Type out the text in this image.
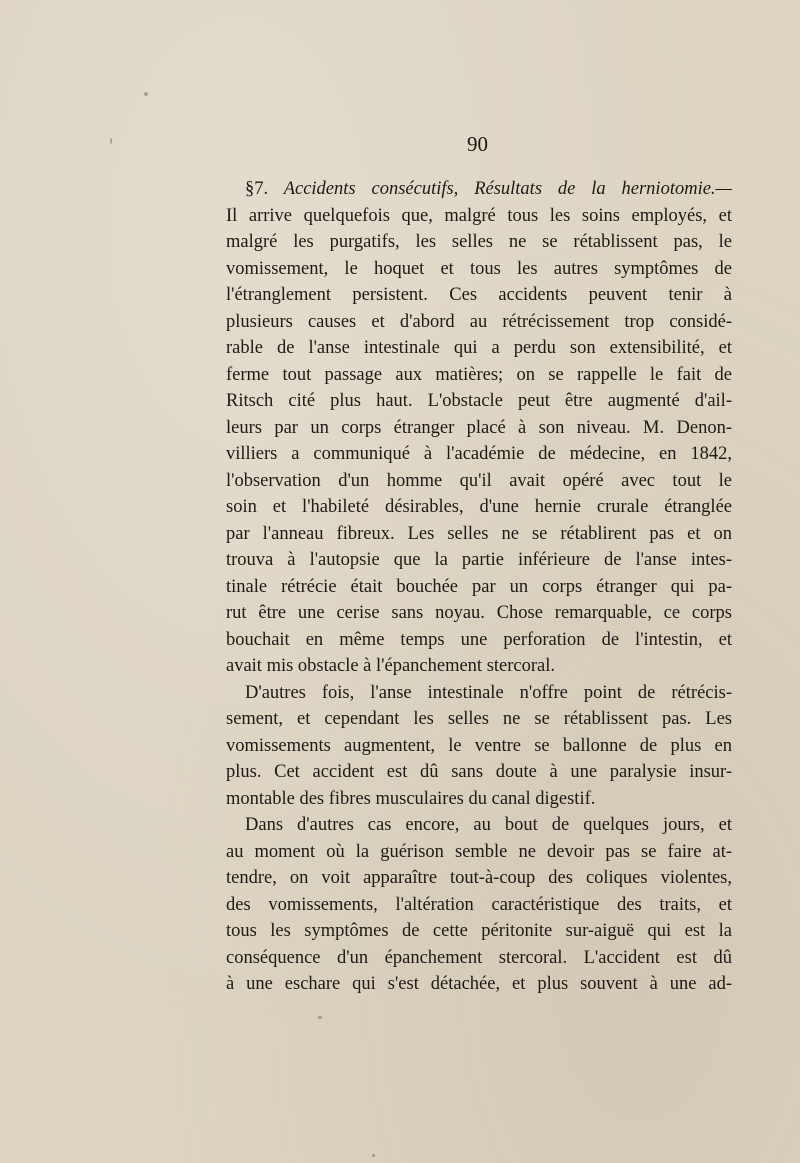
90
§7. Accidents consécutifs, Résultats de la herniotomie.—
Il arrive quelquefois que, malgré tous les soins employés, et
malgré les purgatifs, les selles ne se rétablissent pas, le
vomissement, le hoquet et tous les autres symptômes de
l'étranglement persistent. Ces accidents peuvent tenir à
plusieurs causes et d'abord au rétrécissement trop considé-
rable de l'anse intestinale qui a perdu son extensibilité, et
ferme tout passage aux matières; on se rappelle le fait de
Ritsch cité plus haut. L'obstacle peut être augmenté d'ail-
leurs par un corps étranger placé à son niveau. M. Denon-
villiers a communiqué à l'académie de médecine, en 1842,
l'observation d'un homme qu'il avait opéré avec tout le
soin et l'habileté désirables, d'une hernie crurale étranglée
par l'anneau fibreux. Les selles ne se rétablirent pas et on
trouva à l'autopsie que la partie inférieure de l'anse intes-
tinale rétrécie était bouchée par un corps étranger qui pa-
rut être une cerise sans noyau. Chose remarquable, ce corps
bouchait en même temps une perforation de l'intestin, et
avait mis obstacle à l'épanchement stercoral.
D'autres fois, l'anse intestinale n'offre point de rétrécis-
sement, et cependant les selles ne se rétablissent pas. Les
vomissements augmentent, le ventre se ballonne de plus en
plus. Cet accident est dû sans doute à une paralysie insur-
montable des fibres musculaires du canal digestif.
Dans d'autres cas encore, au bout de quelques jours, et
au moment où la guérison semble ne devoir pas se faire at-
tendre, on voit apparaître tout-à-coup des coliques violentes,
des vomissements, l'altération caractéristique des traits, et
tous les symptômes de cette péritonite sur-aiguë qui est la
conséquence d'un épanchement stercoral. L'accident est dû
à une eschare qui s'est détachée, et plus souvent à une ad-
